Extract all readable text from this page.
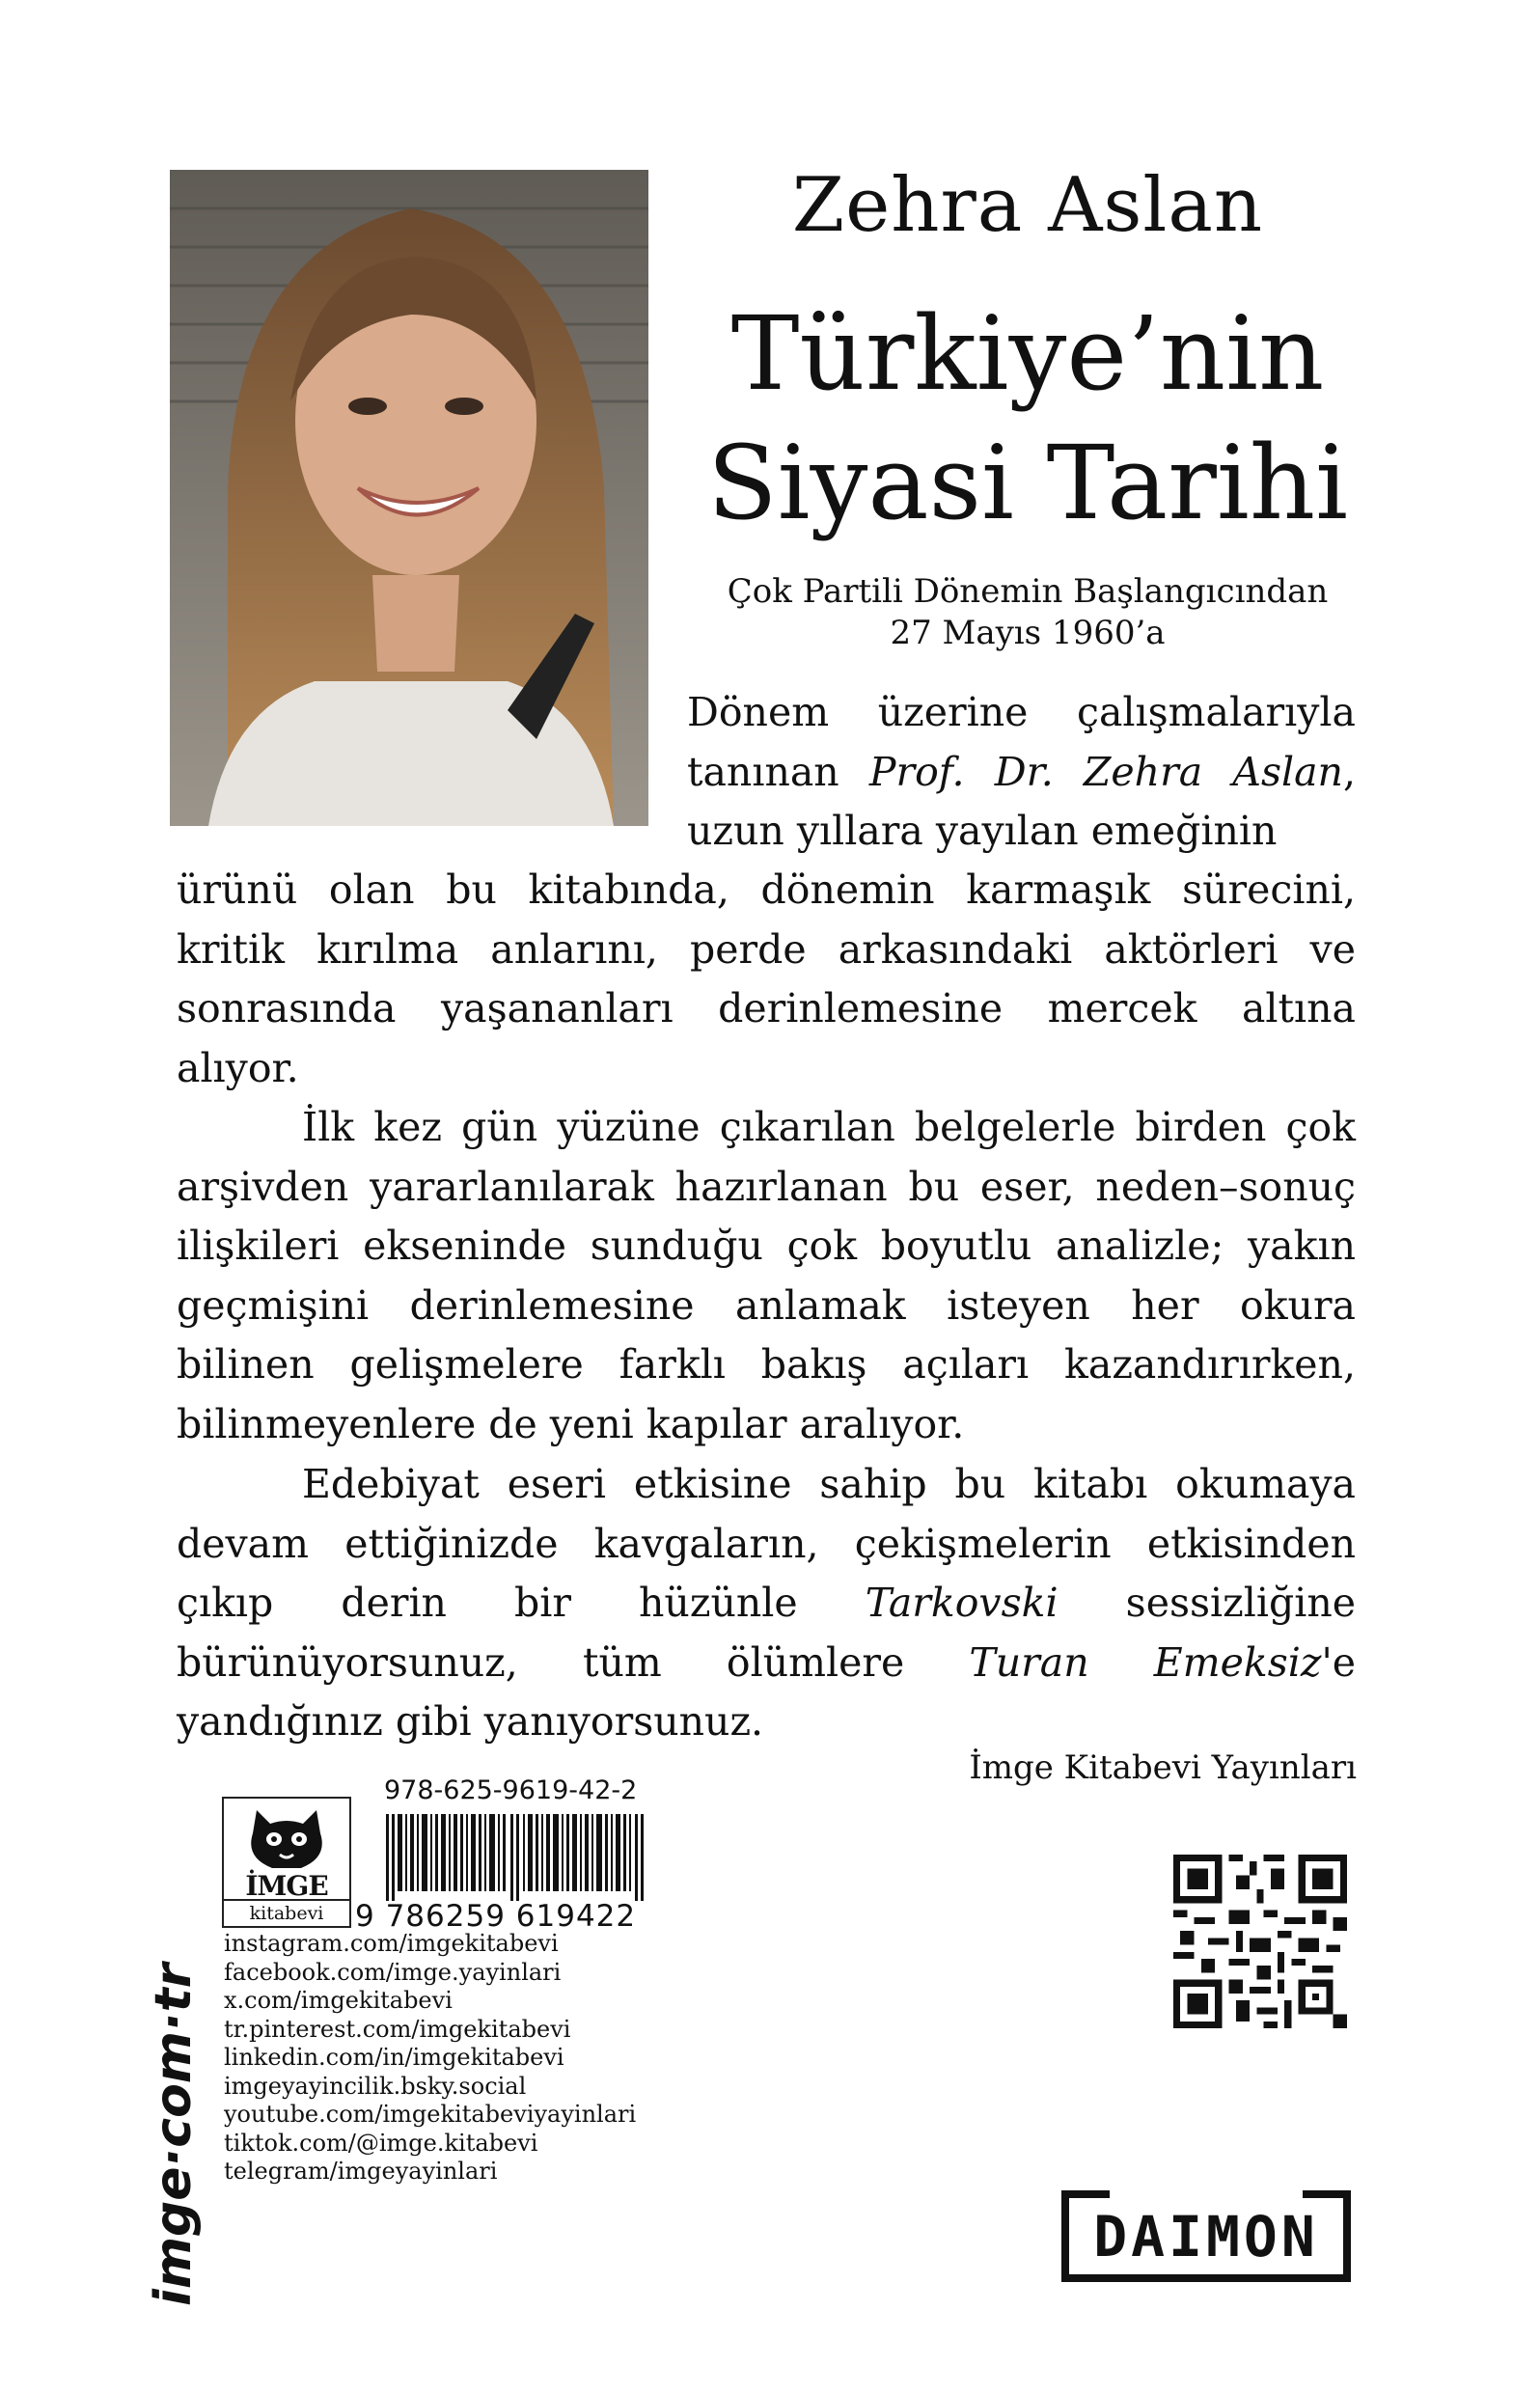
Zehra Aslan
Türkiye’nin
Siyasi Tarihi
Çok Partili Dönemin Başlangıcından
27 Mayıs 1960’a
Dönem üzerine çalışmalarıyla tanınan Prof. Dr. Zehra Aslan, uzun yıllara yayılan emeğinin
ürünü olan bu kitabında, dönemin karmaşık sürecini, kritik kırılma anlarını, perde arkasındaki aktörleri ve sonrasında yaşananları derinlemesine mercek altına alıyor.
İlk kez gün yüzüne çıkarılan belgelerle birden çok arşivden yararlanılarak hazırlanan bu eser, neden–sonuç ilişkileri ekseninde sunduğu çok boyutlu analizle; yakın geçmişini derinlemesine anlamak isteyen her okura bilinen gelişmelere farklı bakış açıları kazandırırken, bilinmeyenlere de yeni kapılar aralıyor.
Edebiyat eseri etkisine sahip bu kitabı okumaya devam ettiğinizde kavgaların, çekişmelerin etkisinden çıkıp derin bir hüzünle Tarkovski sessizliğine bürünüyorsunuz, tüm ölümlere Turan Emeksiz'e yandığınız gibi yanıyorsunuz.
İmge Kitabevi Yayınları
imge·com·tr
İMGE
kitabevi
978-625-9619-42-2
9 786259 619422
instagram.com/imgekitabevi
facebook.com/imge.yayinlari
x.com/imgekitabevi
tr.pinterest.com/imgekitabevi
linkedin.com/in/imgekitabevi
imgeyayincilik.bsky.social
youtube.com/imgekitabeviyayinlari
tiktok.com/@imge.kitabevi
telegram/imgeyayinlari
DAIMON
